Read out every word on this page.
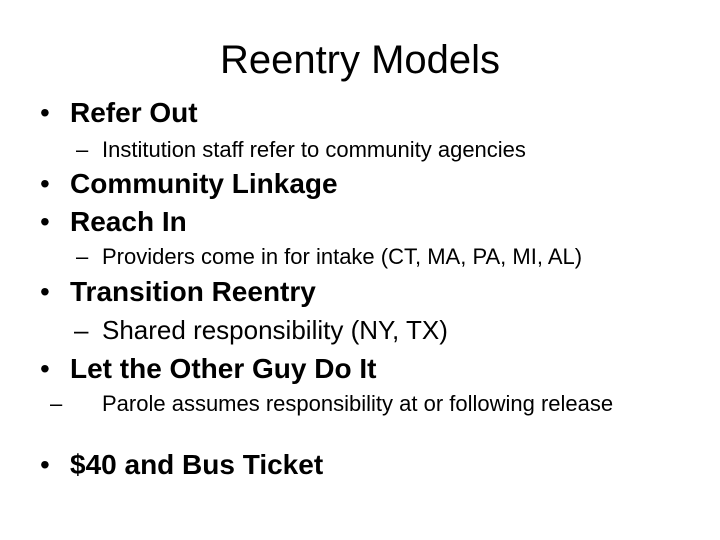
Reentry Models
• Refer Out
– Institution staff refer to community agencies
• Community Linkage
• Reach In
– Providers come in for intake (CT, MA, PA, MI, AL)
• Transition Reentry
– Shared responsibility (NY, TX)
• Let the Other Guy Do It
– Parole assumes responsibility at or following release
• $40 and Bus Ticket
